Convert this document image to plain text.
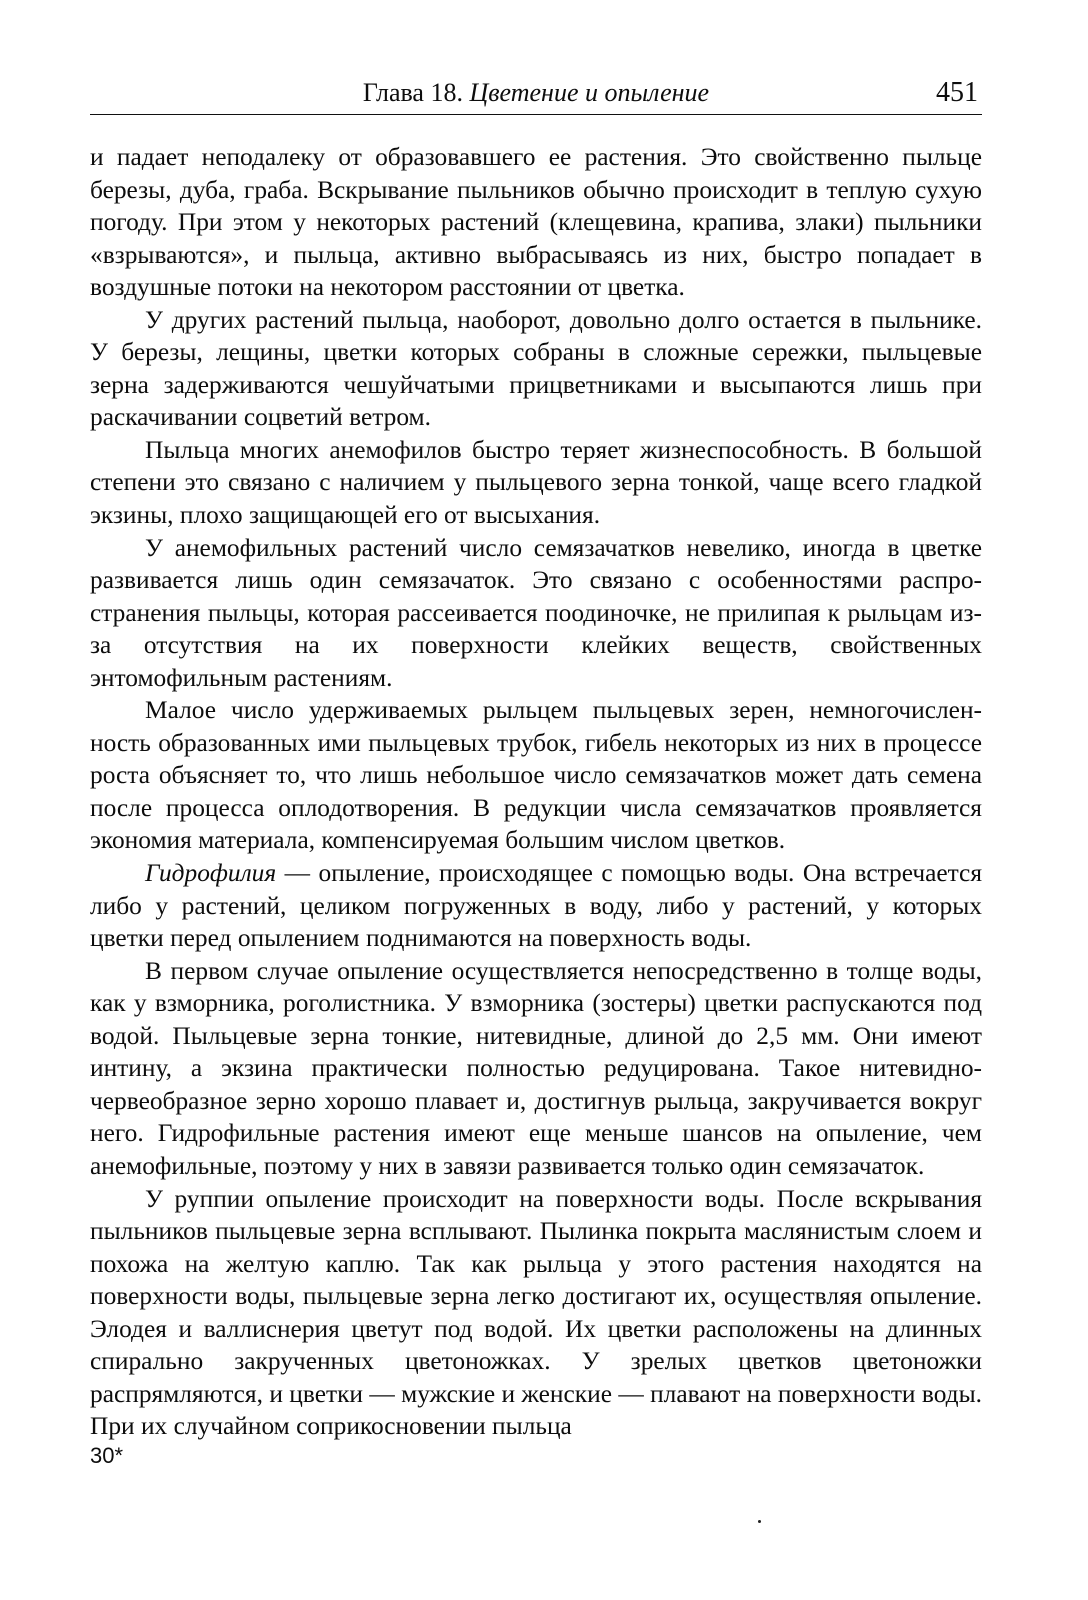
Глава 18. Цветение и опыление	451

и падает неподалеку от образовавшего ее растения. Это свойственно пыльце березы, дуба, граба. Вскрывание пыльников обычно происходит в теплую сухую погоду. При этом у некоторых растений (клещевина, крапива, злаки) пыльники «взрываются», и пыльца, активно выбрасываясь из них, быстро попадает в воздушные потоки на некотором расстоянии от цветка.

У других растений пыльца, наоборот, довольно долго остается в пыльнике. У березы, лещины, цветки которых собраны в сложные сережки, пыльцевые зерна задерживаются чешуйчатыми прицветниками и высыпаются лишь при раскачивании соцветий ветром.

Пыльца многих анемофилов быстро теряет жизнеспособность. В большой степени это связано с наличием у пыльцевого зерна тонкой, чаще всего гладкой экзины, плохо защищающей его от высыхания.

У анемофильных растений число семязачатков невелико, иногда в цветке развивается лишь один семязачаток. Это связано с особенностями распространения пыльцы, которая рассеивается поодиночке, не прилипая к рыльцам из-за отсутствия на их поверхности клейких веществ, свойственных энтомофильным растениям.

Малое число удерживаемых рыльцем пыльцевых зерен, немногочисленность образованных ими пыльцевых трубок, гибель некоторых из них в процессе роста объясняет то, что лишь небольшое число семязачатков может дать семена после процесса оплодотворения. В редукции числа семязачатков проявляется экономия материала, компенсируемая большим числом цветков.

Гидрофилия — опыление, происходящее с помощью воды. Она встречается либо у растений, целиком погруженных в воду, либо у растений, у которых цветки перед опылением поднимаются на поверхность воды.

В первом случае опыление осуществляется непосредственно в толще воды, как у взморника, роголистника. У взморника (зостеры) цветки распускаются под водой. Пыльцевые зерна тонкие, нитевидные, длиной до 2,5 мм. Они имеют интину, а экзина практически полностью редуцирована. Такое нитевидно-червеобразное зерно хорошо плавает и, достигнув рыльца, закручивается вокруг него. Гидрофильные растения имеют еще меньше шансов на опыление, чем анемофильные, поэтому у них в завязи развивается только один семязачаток.

У руппии опыление происходит на поверхности воды. После вскрывания пыльников пыльцевые зерна всплывают. Пылинка покрыта маслянистым слоем и похожа на желтую каплю. Так как рыльца у этого растения находятся на поверхности воды, пыльцевые зерна легко достигают их, осуществляя опыление. Элодея и валлиснерия цветут под водой. Их цветки расположены на длинных спирально закрученных цветоножках. У зрелых цветков цветоножки распрямляются, и цветки — мужские и женские — плавают на поверхности воды. При их случайном соприкосновении пыльца

30*
